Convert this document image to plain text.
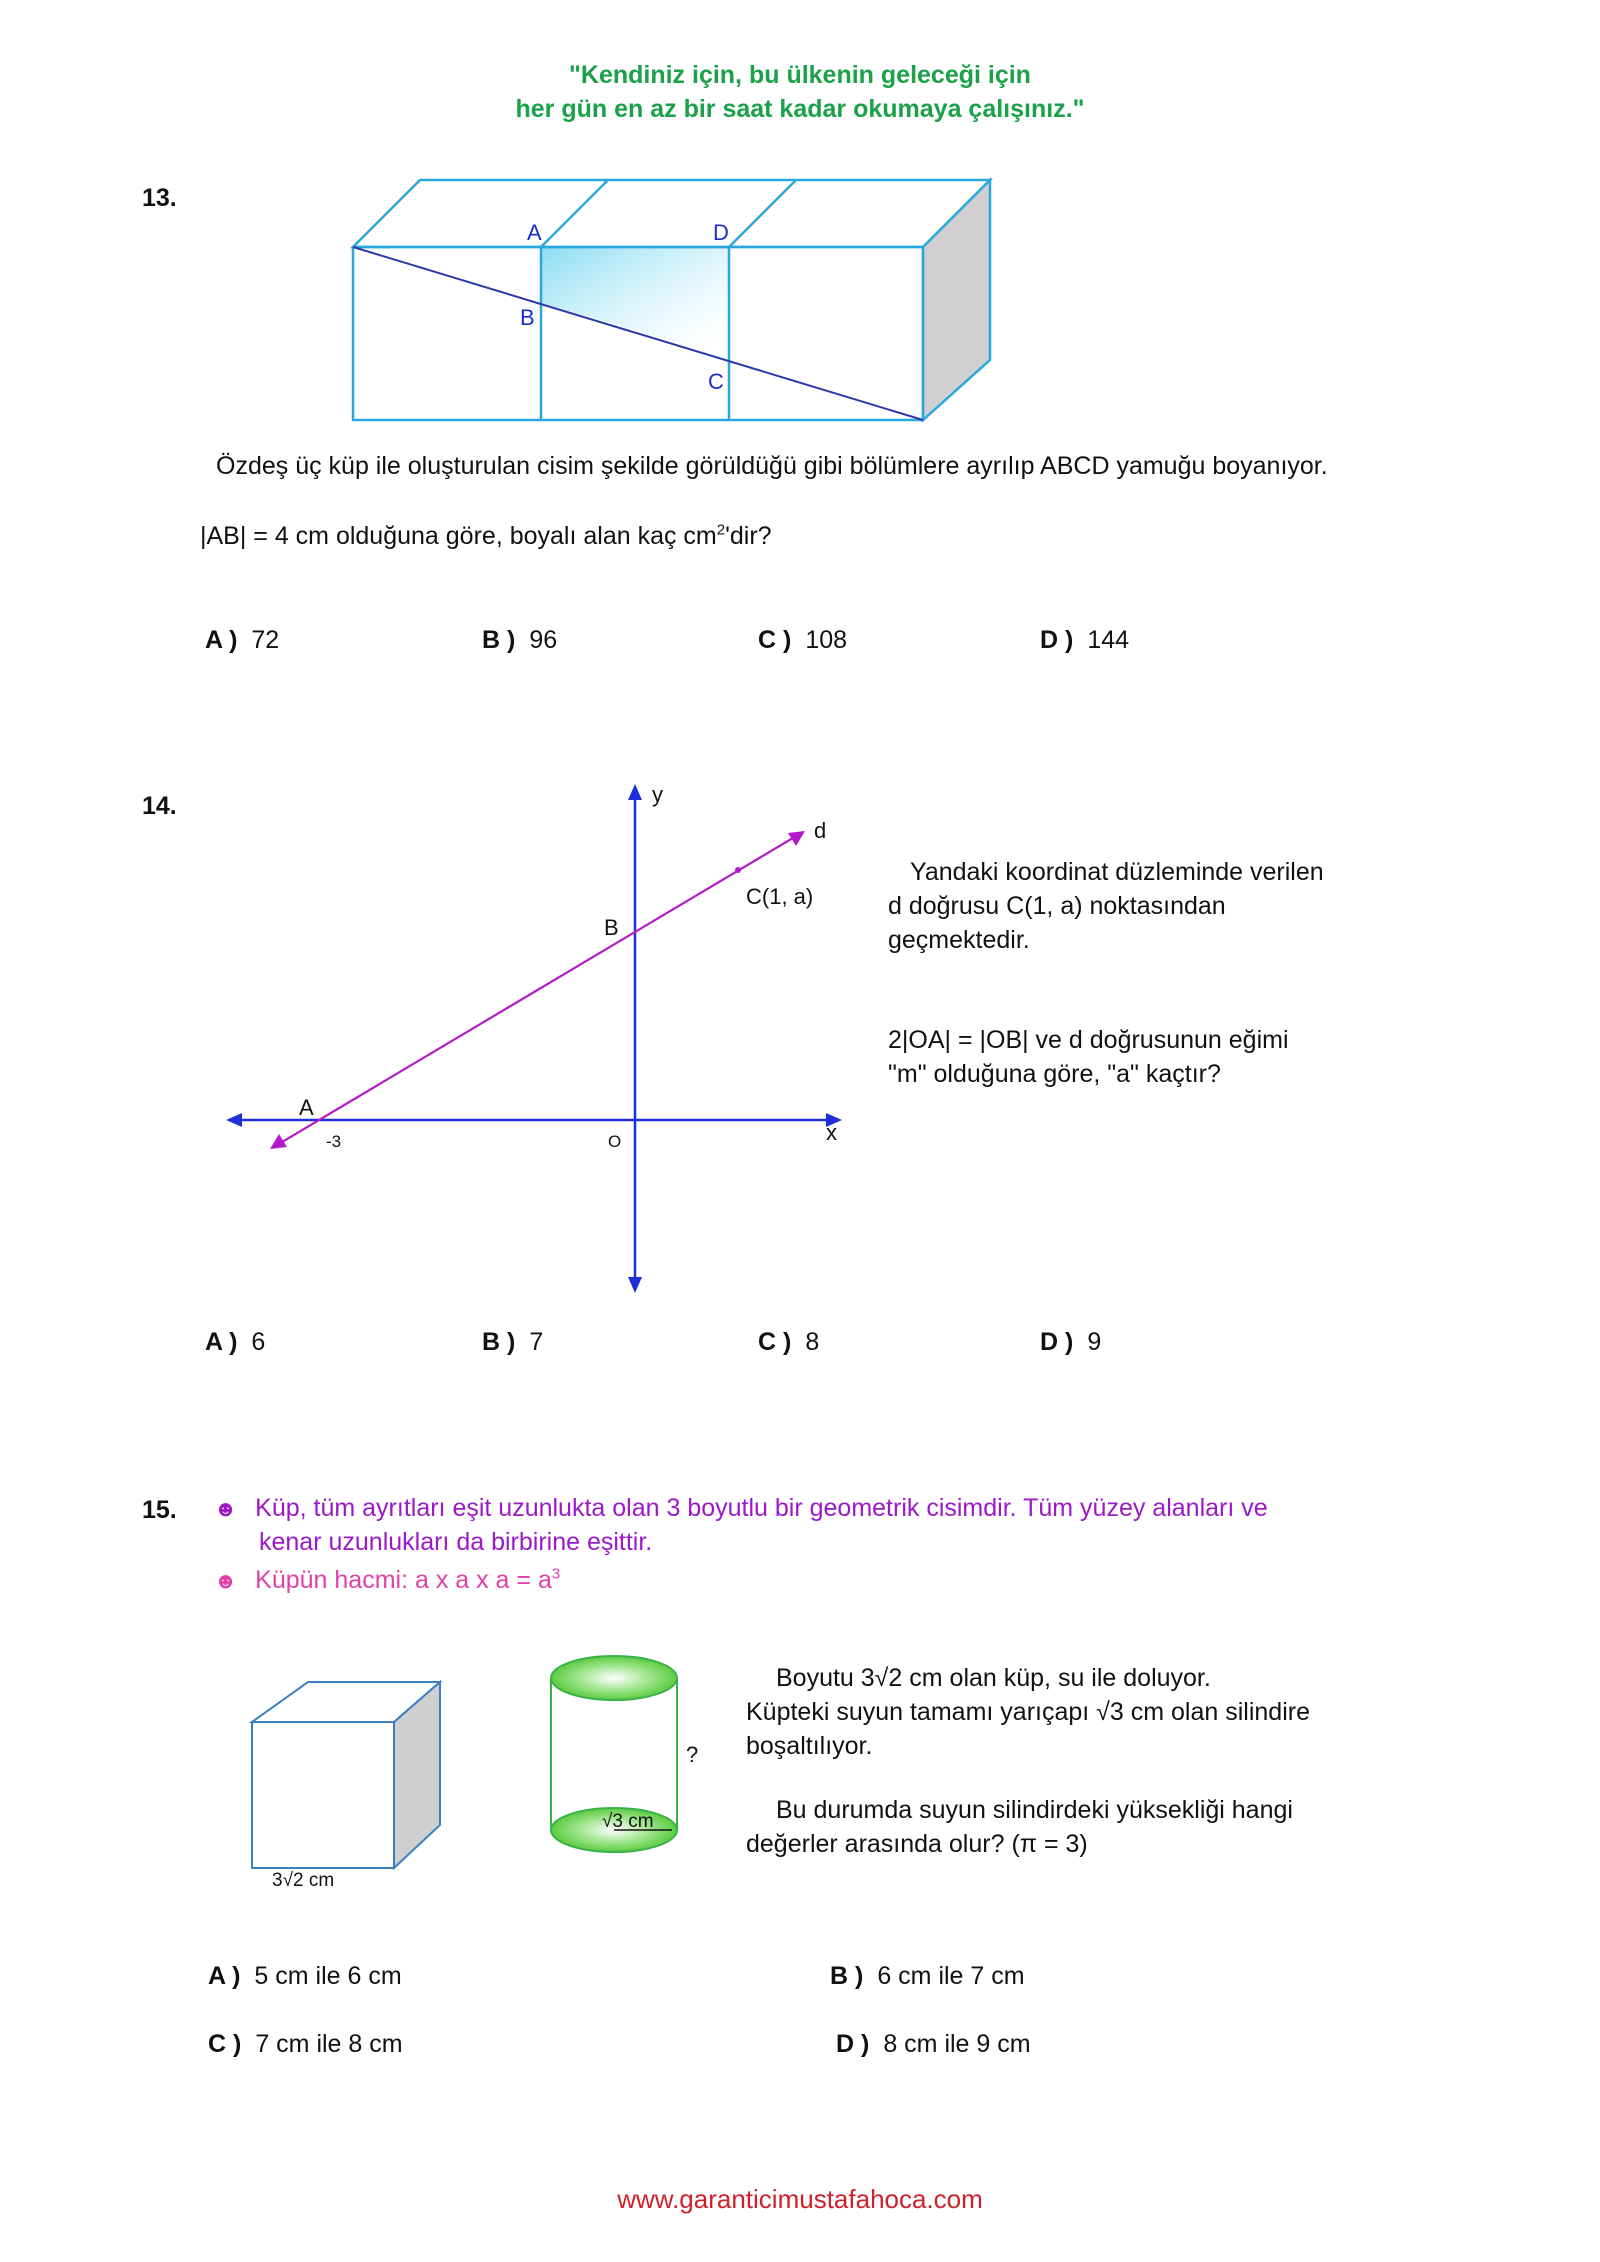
"Kendiniz için, bu ülkenin geleceği için
her gün en az bir saat kadar okumaya çalışınız."
13.
A	D
B
C
Özdeş üç küp ile oluşturulan cisim şekilde görüldüğü gibi bölümlere ayrılıp ABCD yamuğu boyanıyor.
|AB| = 4 cm olduğuna göre, boyalı alan kaç $cm^2'dir$?
A ) 72	B ) 96	C ) 108	D ) 144
14.	y
x
d
B
A
-3	O
C(1, a)
Yandaki koordinat düzleminde verilen
d doğrusu C(1, a) noktasından
geçmektedir.
2|OA| = |OB| ve d doğrusunun eğimi
"m" olduğuna göre, "a" kaçtır?
A ) 6	B ) 7	C ) 8	D ) 9
15. ☻ Küp, tüm ayrıtları eşit uzunlukta olan 3 boyutlu bir geometrik cisimdir. Tüm yüzey alanları ve
kenar uzunlukları da birbirine eşittir.
☻ Küpün hacmi: a x a x $a = a^3$
3√2 cm
√3 cm
?
Boyutu 3√2 cm olan küp, su ile doluyor.
Küpteki suyun tamamı yarıçapı √3 cm olan silindire
boşaltılıyor.
Bu durumda suyun silindirdeki yüksekliği hangi
değerler arasında olur? (π = 3)
A ) 5 cm ile 6 cm	B ) 6 cm ile 7 cm
C ) 7 cm ile 8 cm	D ) 8 cm ile 9 cm
www.garanticimustafahoca.com
